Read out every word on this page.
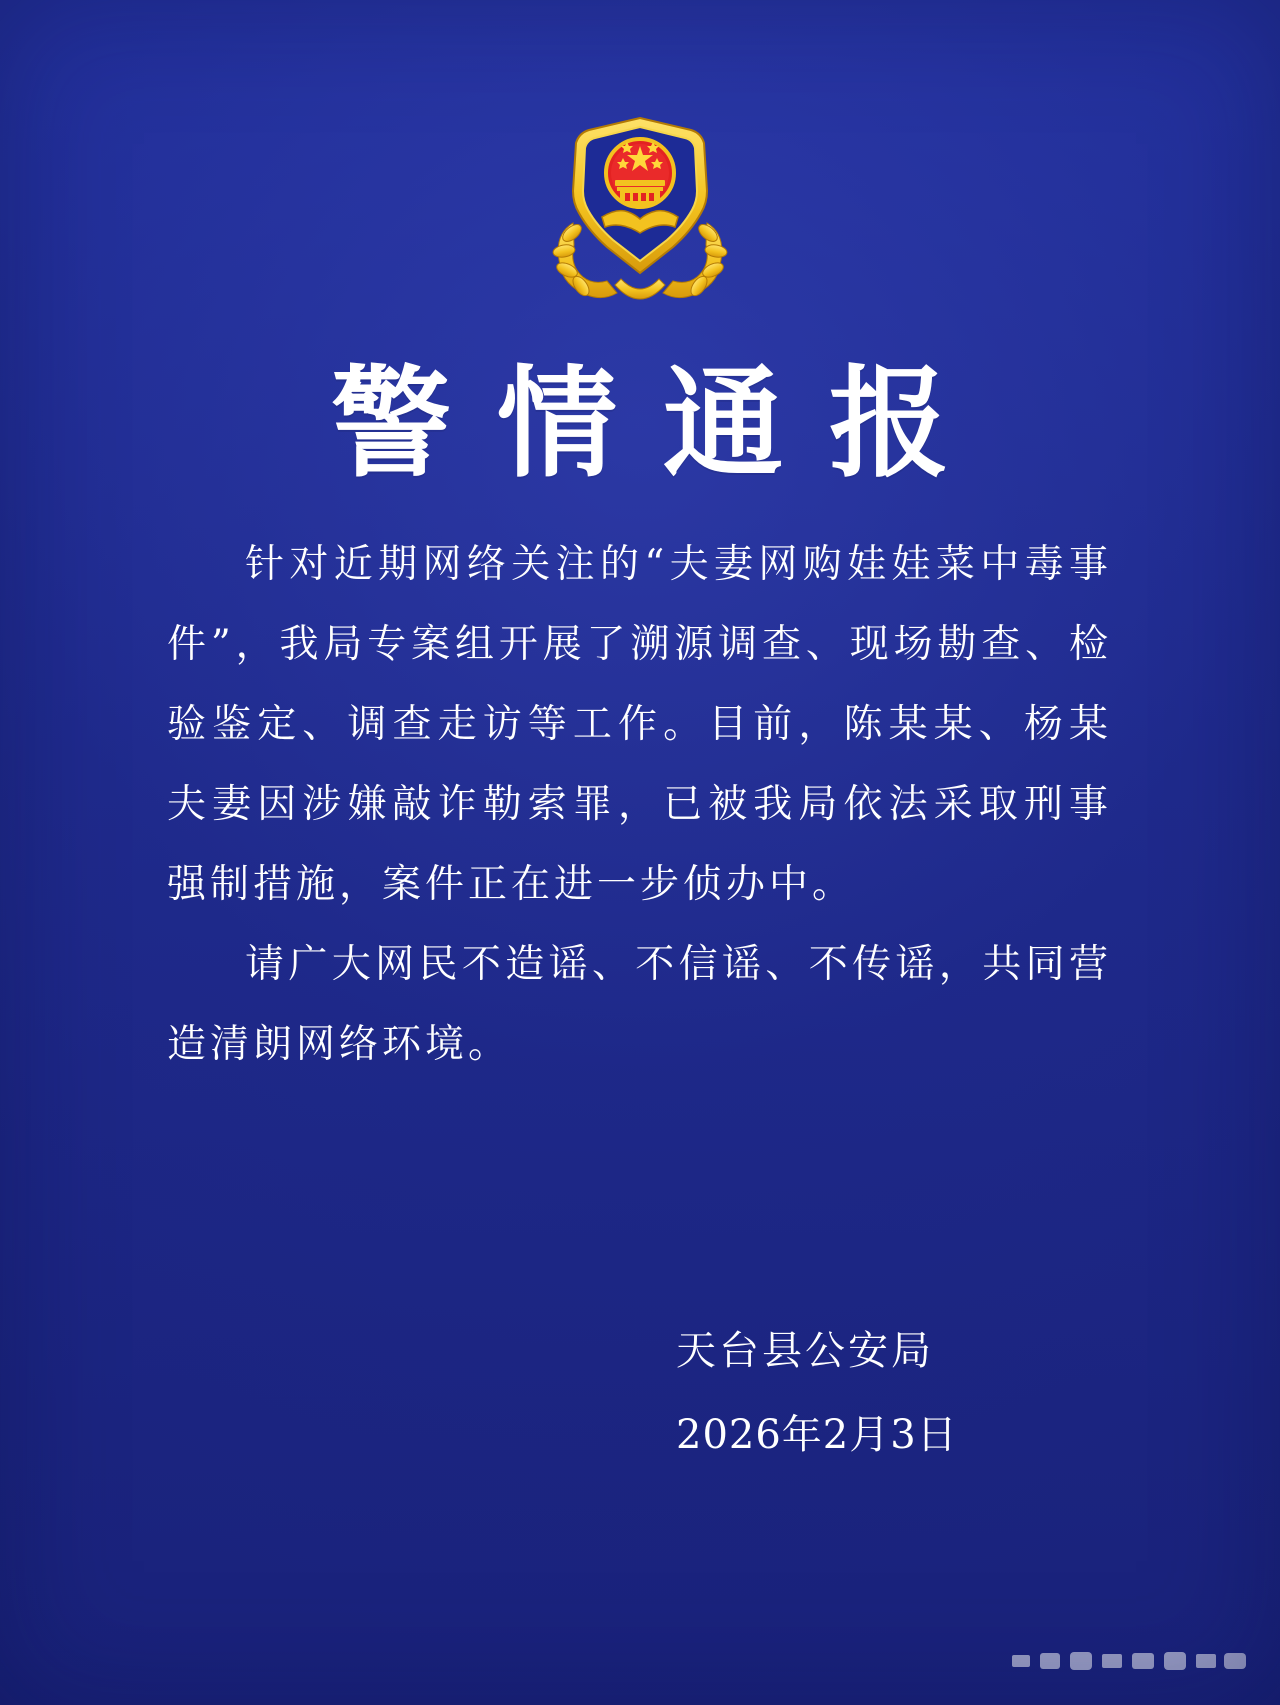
警情通报

针对近期网络关注的“夫妻网购娃娃菜中毒事件”，我局专案组开展了溯源调查、现场勘查、检验鉴定、调查走访等工作。目前，陈某某、杨某夫妻因涉嫌敲诈勒索罪，已被我局依法采取刑事强制措施，案件正在进一步侦办中。

请广大网民不造谣、不信谣、不传谣，共同营造清朗网络环境。

天台县公安局
2026年2月3日
